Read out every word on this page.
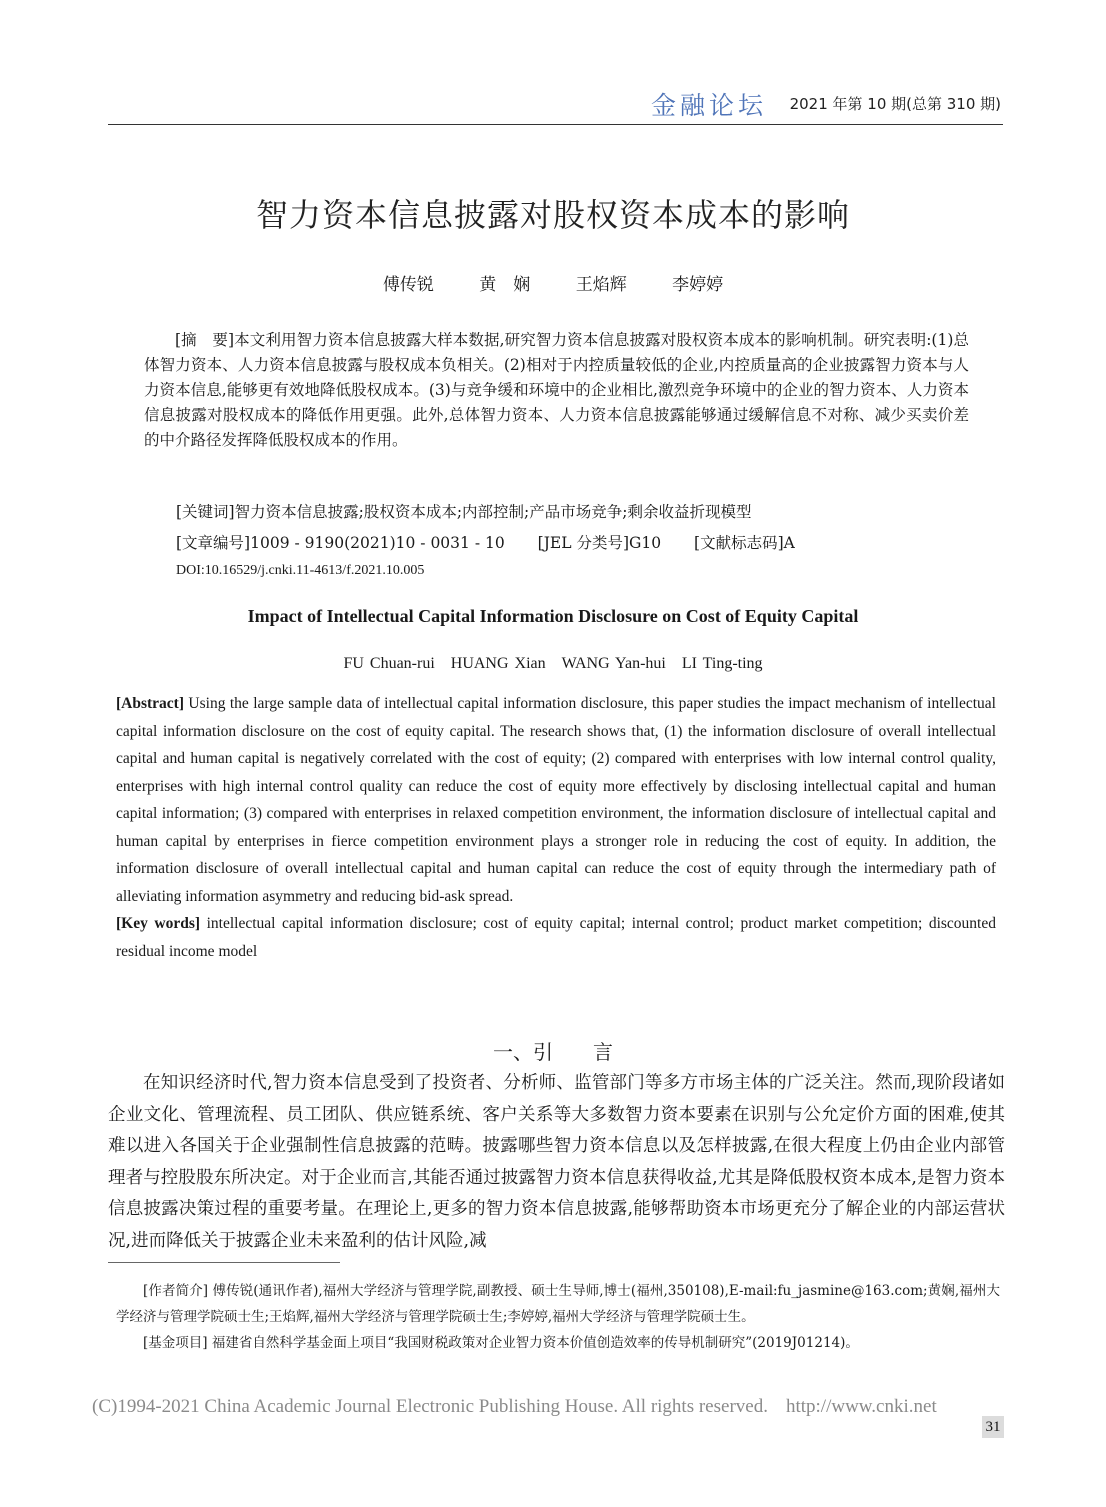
金融论坛 2021 年第 10 期(总第 310 期)
智力资本信息披露对股权资本成本的影响
傅传锐	黄　娴	王焰辉	李婷婷

[摘　要]本文利用智力资本信息披露大样本数据,研究智力资本信息披露对股权资本成本的影响机制。研究表明:(1)总体智力资本、人力资本信息披露与股权成本负相关。(2)相对于内控质量较低的企业,内控质量高的企业披露智力资本与人力资本信息,能够更有效地降低股权成本。(3)与竞争缓和环境中的企业相比,激烈竞争环境中的企业的智力资本、人力资本信息披露对股权成本的降低作用更强。此外,总体智力资本、人力资本信息披露能够通过缓解信息不对称、减少买卖价差的中介路径发挥降低股权成本的作用。

[关键词]智力资本信息披露;股权资本成本;内部控制;产品市场竞争;剩余收益折现模型
[文章编号]1009 - 9190(2021)10 - 0031 - 10 [JEL 分类号]G10 [文献标志码]A
DOI:10.16529/j.cnki.11-4613/f.2021.10.005
Impact of Intellectual Capital Information Disclosure on Cost of Equity Capital
FU Chuan-rui　HUANG Xian　WANG Yan-hui　LI Ting-ting

[Abstract] Using the large sample data of intellectual capital information disclosure, this paper studies the impact mechanism of intellectual capital information disclosure on the cost of equity capital. The research shows that, (1) the information disclosure of overall intellectual capital and human capital is negatively correlated with the cost of equity; (2) compared with enterprises with low internal control quality, enterprises with high internal control quality can reduce the cost of equity more effectively by disclosing intellectual capital and human capital information; (3) compared with enterprises in relaxed competition environment, the information disclosure of intellectual capital and human capital by enterprises in fierce competition environment plays a stronger role in reducing the cost of equity. In addition, the information disclosure of overall intellectual capital and human capital can reduce the cost of equity through the intermediary path of alleviating information asymmetry and reducing bid-ask spread.

[Key words] intellectual capital information disclosure; cost of equity capital; internal control; product market competition; discounted residual income model

一、引　　言

在知识经济时代,智力资本信息受到了投资者、分析师、监管部门等多方市场主体的广泛关注。然而,现阶段诸如企业文化、管理流程、员工团队、供应链系统、客户关系等大多数智力资本要素在识别与公允定价方面的困难,使其难以进入各国关于企业强制性信息披露的范畴。披露哪些智力资本信息以及怎样披露,在很大程度上仍由企业内部管理者与控股股东所决定。对于企业而言,其能否通过披露智力资本信息获得收益,尤其是降低股权资本成本,是智力资本信息披露决策过程的重要考量。在理论上,更多的智力资本信息披露,能够帮助资本市场更充分了解企业的内部运营状况,进而降低关于披露企业未来盈利的估计风险,减

[作者简介] 傅传锐(通讯作者),福州大学经济与管理学院,副教授、硕士生导师,博士(福州,350108),E-mail:fu_jasmine@163.com;黄娴,福州大学经济与管理学院硕士生;王焰辉,福州大学经济与管理学院硕士生;李婷婷,福州大学经济与管理学院硕士生。

[基金项目] 福建省自然科学基金面上项目“我国财税政策对企业智力资本价值创造效率的传导机制研究”(2019J01214)。

(C)1994-2021 China Academic Journal Electronic Publishing House. All rights reserved. http://www.cnki.net
31
